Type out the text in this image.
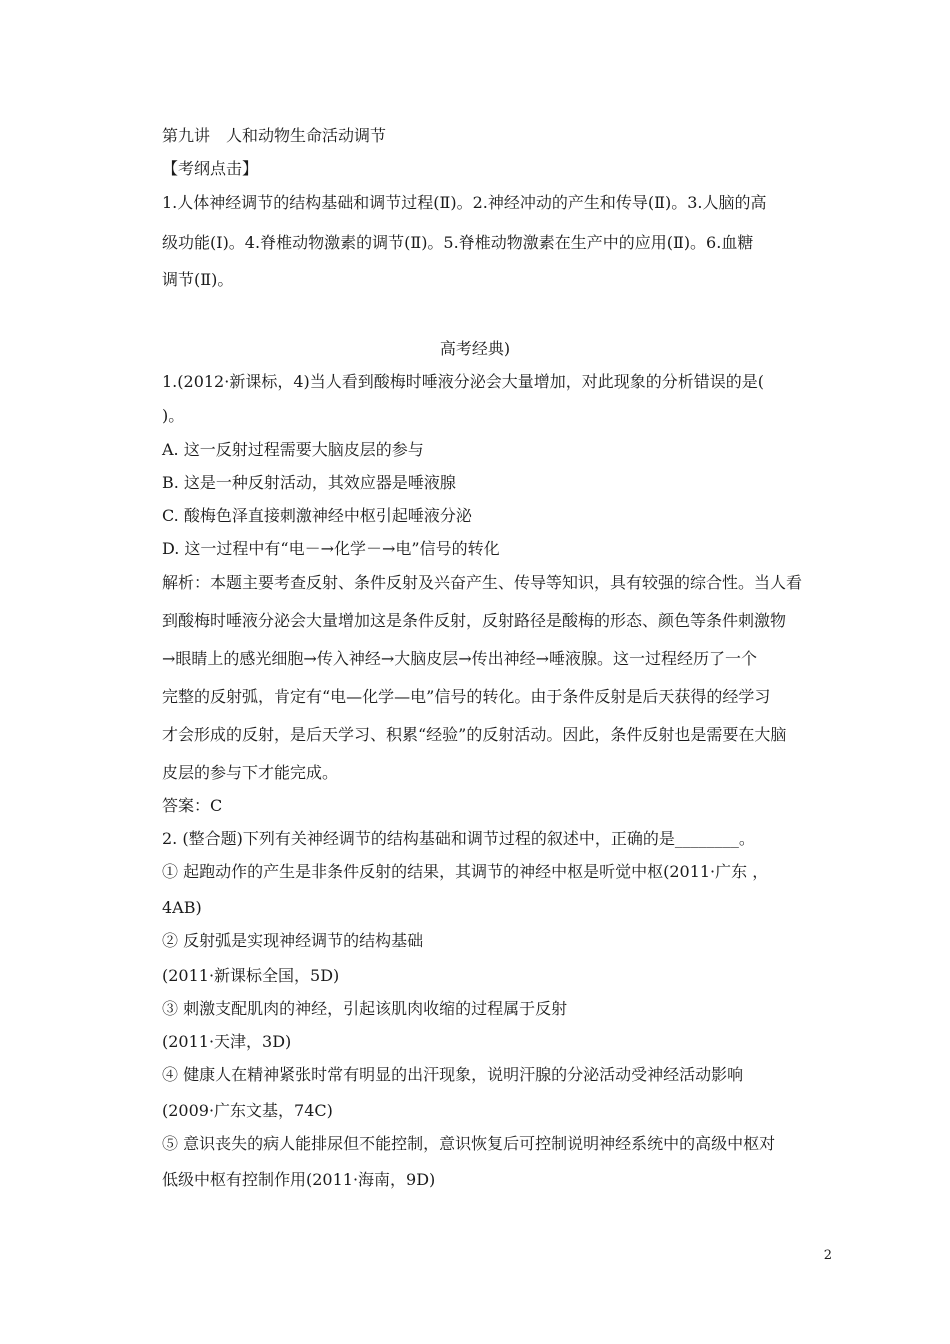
第九讲　人和动物生命活动调节
【考纲点击】
1.人体神经调节的结构基础和调节过程(Ⅱ)。2.神经冲动的产生和传导(Ⅱ)。3.人脑的高
级功能(Ⅰ)。4.脊椎动物激素的调节(Ⅱ)。5.脊椎动物激素在生产中的应用(Ⅱ)。6.血糖
调节(Ⅱ)。
高考经典)
1.(2012·新课标，4)当人看到酸梅时唾液分泌会大量增加，对此现象的分析错误的是(
)。
A. 这一反射过程需要大脑皮层的参与
B. 这是一种反射活动，其效应器是唾液腺
C. 酸梅色泽直接刺激神经中枢引起唾液分泌
D. 这一过程中有“电－→化学－→电”信号的转化
解析：本题主要考查反射、条件反射及兴奋产生、传导等知识，具有较强的综合性。当人看
到酸梅时唾液分泌会大量增加这是条件反射，反射路径是酸梅的形态、颜色等条件刺激物
→眼睛上的感光细胞→传入神经→大脑皮层→传出神经→唾液腺。这一过程经历了一个
完整的反射弧，肯定有“电—化学—电”信号的转化。由于条件反射是后天获得的经学习
才会形成的反射，是后天学习、积累“经验”的反射活动。因此，条件反射也是需要在大脑
皮层的参与下才能完成。
答案：C
2. (整合题)下列有关神经调节的结构基础和调节过程的叙述中，正确的是________。
① 起跑动作的产生是非条件反射的结果，其调节的神经中枢是听觉中枢(2011·广东 ，
4AB)
② 反射弧是实现神经调节的结构基础
(2011·新课标全国，5D)
③ 刺激支配肌肉的神经，引起该肌肉收缩的过程属于反射
(2011·天津，3D)
④ 健康人在精神紧张时常有明显的出汗现象，说明汗腺的分泌活动受神经活动影响
(2009·广东文基，74C)
⑤ 意识丧失的病人能排尿但不能控制，意识恢复后可控制说明神经系统中的高级中枢对
低级中枢有控制作用(2011·海南，9D)
2
